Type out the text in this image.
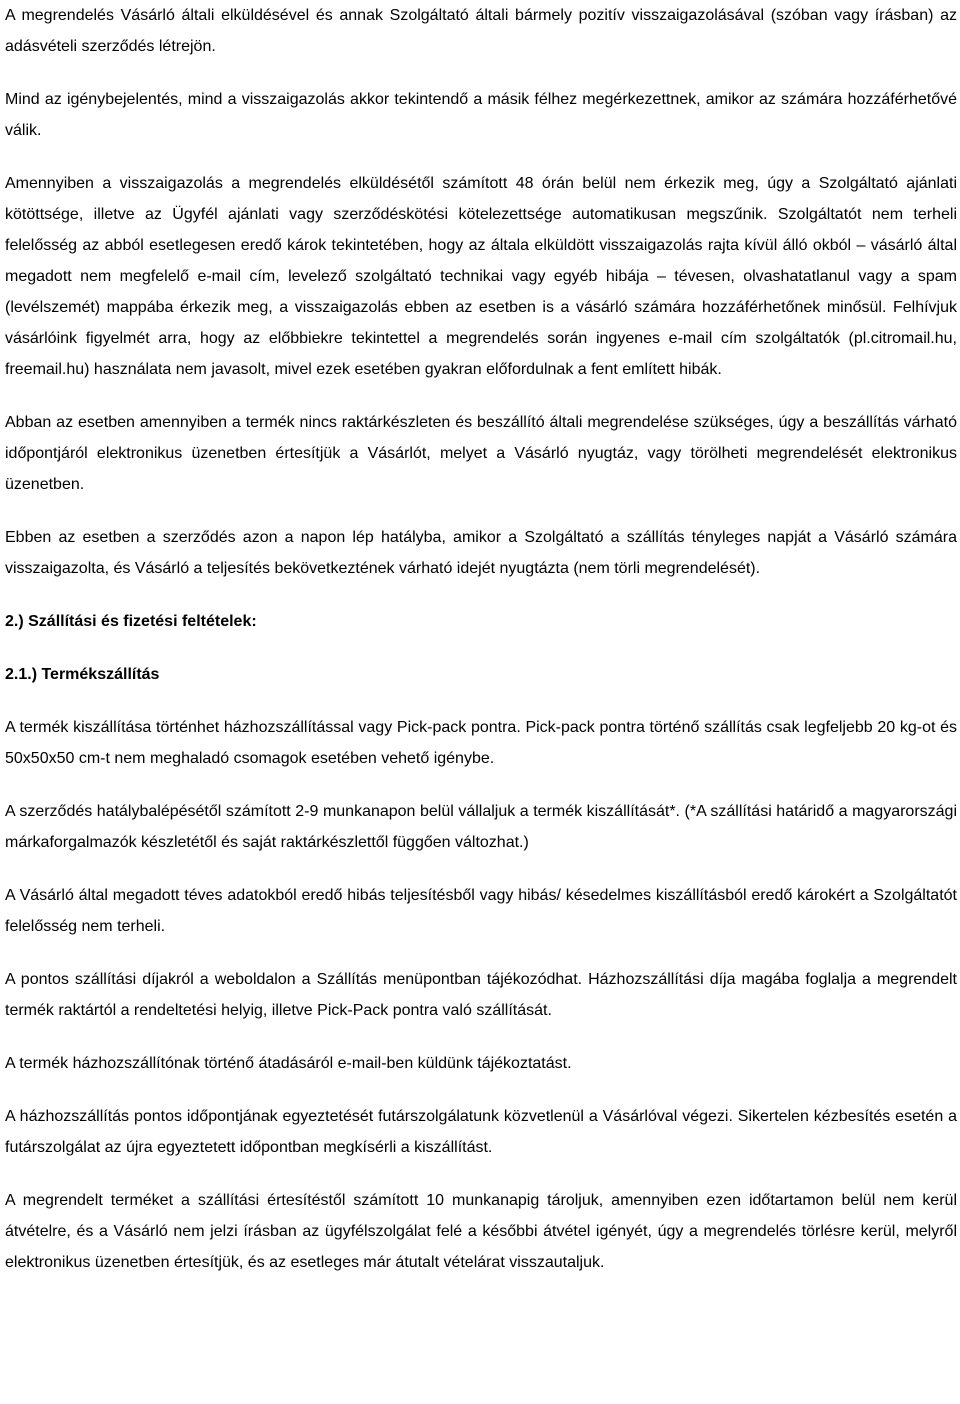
A megrendelés Vásárló általi elküldésével és annak Szolgáltató általi bármely pozitív visszaigazolásával (szóban vagy írásban) az adásvételi szerződés létrejön.

Mind az igénybejelentés, mind a visszaigazolás akkor tekintendő a másik félhez megérkezettnek, amikor az számára hozzáférhetővé válik.

Amennyiben a visszaigazolás a megrendelés elküldésétől számított 48 órán belül nem érkezik meg, úgy a Szolgáltató ajánlati kötöttsége, illetve az Ügyfél ajánlati vagy szerződéskötési kötelezettsége automatikusan megszűnik. Szolgáltatót nem terheli felelősség az abból esetlegesen eredő károk tekintetében, hogy az általa elküldött visszaigazolás rajta kívül álló okból – vásárló által megadott nem megfelelő e-mail cím, levelező szolgáltató technikai vagy egyéb hibája – tévesen, olvashatatlanul vagy a spam (levélszemét) mappába érkezik meg, a visszaigazolás ebben az esetben is a vásárló számára hozzáférhetőnek minősül. Felhívjuk vásárlóink figyelmét arra, hogy az előbbiekre tekintettel a megrendelés során ingyenes e-mail cím szolgáltatók (pl.citromail.hu, freemail.hu) használata nem javasolt, mivel ezek esetében gyakran előfordulnak a fent említett hibák.

Abban az esetben amennyiben a termék nincs raktárkészleten és beszállító általi megrendelése szükséges, úgy a beszállítás várható időpontjáról elektronikus üzenetben értesítjük a Vásárlót, melyet a Vásárló nyugtáz, vagy törölheti megrendelését elektronikus üzenetben.

Ebben az esetben a szerződés azon a napon lép hatályba, amikor a Szolgáltató a szállítás tényleges napját a Vásárló számára visszaigazolta, és Vásárló a teljesítés bekövetkeztének várható idejét nyugtázta (nem törli megrendelését).

2.) Szállítási és fizetési feltételek:

2.1.) Termékszállítás

A termék kiszállítása történhet házhozszállítással vagy Pick-pack pontra. Pick-pack pontra történő szállítás csak legfeljebb 20 kg-ot és 50x50x50 cm-t nem meghaladó csomagok esetében vehető igénybe.

A szerződés hatálybalépésétől számított 2-9 munkanapon belül vállaljuk a termék kiszállítását*. (*A szállítási határidő a magyarországi márkaforgalmazók készletétől és saját raktárkészlettől függően változhat.)

A Vásárló által megadott téves adatokból eredő hibás teljesítésből vagy hibás/ késedelmes kiszállításból eredő károkért a Szolgáltatót felelősség nem terheli.

A pontos szállítási díjakról a weboldalon a Szállítás menüpontban tájékozódhat. Házhozszállítási díja magába foglalja a megrendelt termék raktártól a rendeltetési helyig, illetve Pick-Pack pontra való szállítását.

A termék házhozszállítónak történő átadásáról e-mail-ben küldünk tájékoztatást.

A házhozszállítás pontos időpontjának egyeztetését futárszolgálatunk közvetlenül a Vásárlóval végezi. Sikertelen kézbesítés esetén a futárszolgálat az újra egyeztetett időpontban megkísérli a kiszállítást.

A megrendelt terméket a szállítási értesítéstől számított 10 munkanapig tároljuk, amennyiben ezen időtartamon belül nem kerül átvételre, és a Vásárló nem jelzi írásban az ügyfélszolgálat felé a későbbi átvétel igényét, úgy a megrendelés törlésre kerül, melyről elektronikus üzenetben értesítjük, és az esetleges már átutalt vételárat visszautaljuk.
